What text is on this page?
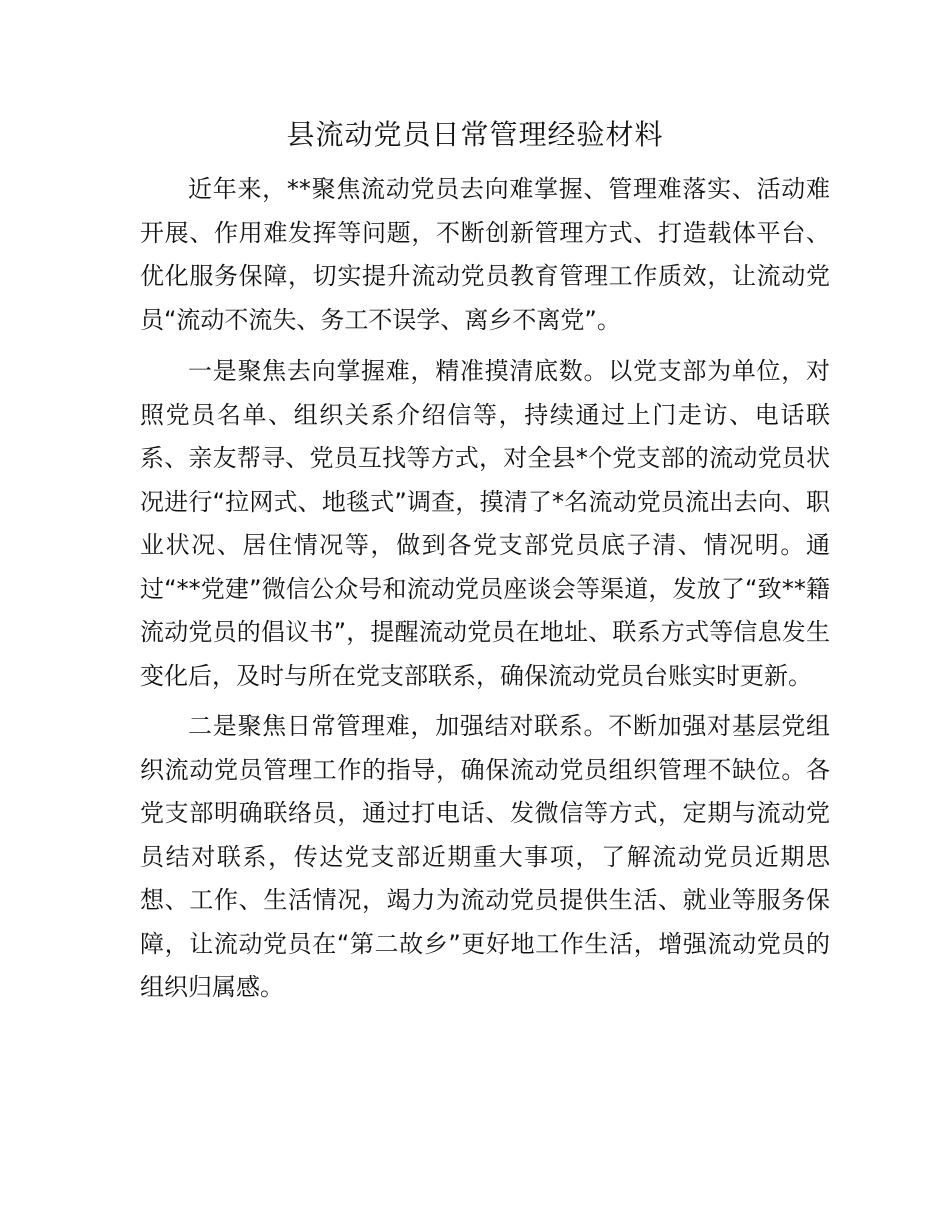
县流动党员日常管理经验材料

近年来，**聚焦流动党员去向难掌握、管理难落实、活动难开展、作用难发挥等问题，不断创新管理方式、打造载体平台、优化服务保障，切实提升流动党员教育管理工作质效，让流动党员“流动不流失、务工不误学、离乡不离党”。

一是聚焦去向掌握难，精准摸清底数。以党支部为单位，对照党员名单、组织关系介绍信等，持续通过上门走访、电话联系、亲友帮寻、党员互找等方式，对全县*个党支部的流动党员状况进行“拉网式、地毯式”调查，摸清了*名流动党员流出去向、职业状况、居住情况等，做到各党支部党员底子清、情况明。通过“**党建”微信公众号和流动党员座谈会等渠道，发放了“致**籍流动党员的倡议书”，提醒流动党员在地址、联系方式等信息发生变化后，及时与所在党支部联系，确保流动党员台账实时更新。

二是聚焦日常管理难，加强结对联系。不断加强对基层党组织流动党员管理工作的指导，确保流动党员组织管理不缺位。各党支部明确联络员，通过打电话、发微信等方式，定期与流动党员结对联系，传达党支部近期重大事项，了解流动党员近期思想、工作、生活情况，竭力为流动党员提供生活、就业等服务保障，让流动党员在“第二故乡”更好地工作生活，增强流动党员的组织归属感。
